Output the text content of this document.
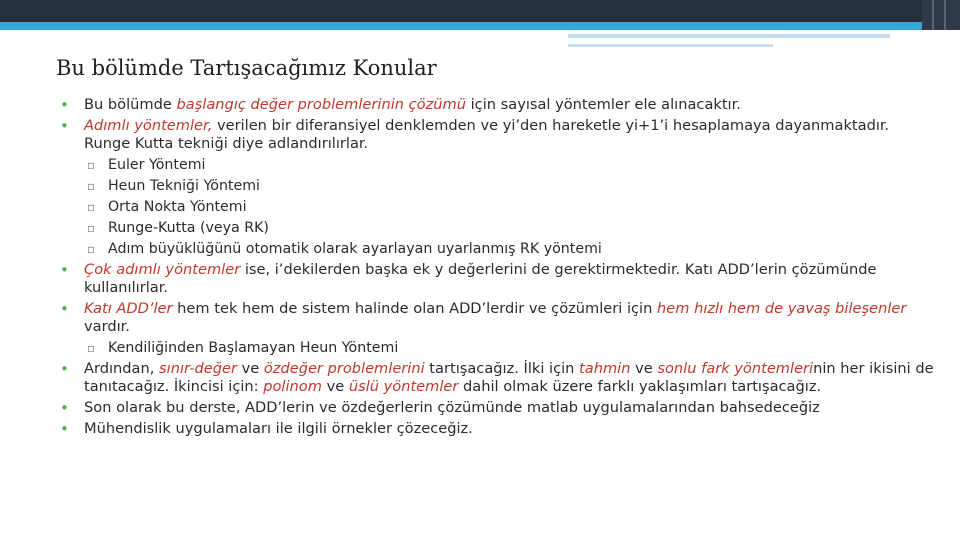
Bu bölümde Tartışacağımız Konular
• Bu bölümde başlangıç değer problemlerinin çözümü için sayısal yöntemler ele alınacaktır.
• Adımlı yöntemler, verilen bir diferansiyel denklemden ve yi’den hareketle yi+1’i hesaplamaya dayanmaktadır. Runge Kutta tekniği diye adlandırılırlar.
▫ Euler Yöntemi
▫ Heun Tekniği Yöntemi
▫ Orta Nokta Yöntemi
▫ Runge-Kutta (veya RK)
▫ Adım büyüklüğünü otomatik olarak ayarlayan uyarlanmış RK yöntemi
• Çok adımlı yöntemler ise, i’dekilerden başka ek y değerlerini de gerektirmektedir. Katı ADD’lerin çözümünde kullanılırlar.
• Katı ADD’ler hem tek hem de sistem halinde olan ADD’lerdir ve çözümleri için hem hızlı hem de yavaş bileşenler vardır.
▫ Kendiliğinden Başlamayan Heun Yöntemi
• Ardından, sınır-değer ve özdeğer problemlerini tartışacağız. İlki için tahmin ve sonlu fark yöntemlerinin her ikisini de tanıtacağız. İkincisi için: polinom ve üslü yöntemler dahil olmak üzere farklı yaklaşımları tartışacağız.
• Son olarak bu derste, ADD’lerin ve özdeğerlerin çözümünde matlab uygulamalarından bahsedeceğiz
• Mühendislik uygulamaları ile ilgili örnekler çözeceğiz.
